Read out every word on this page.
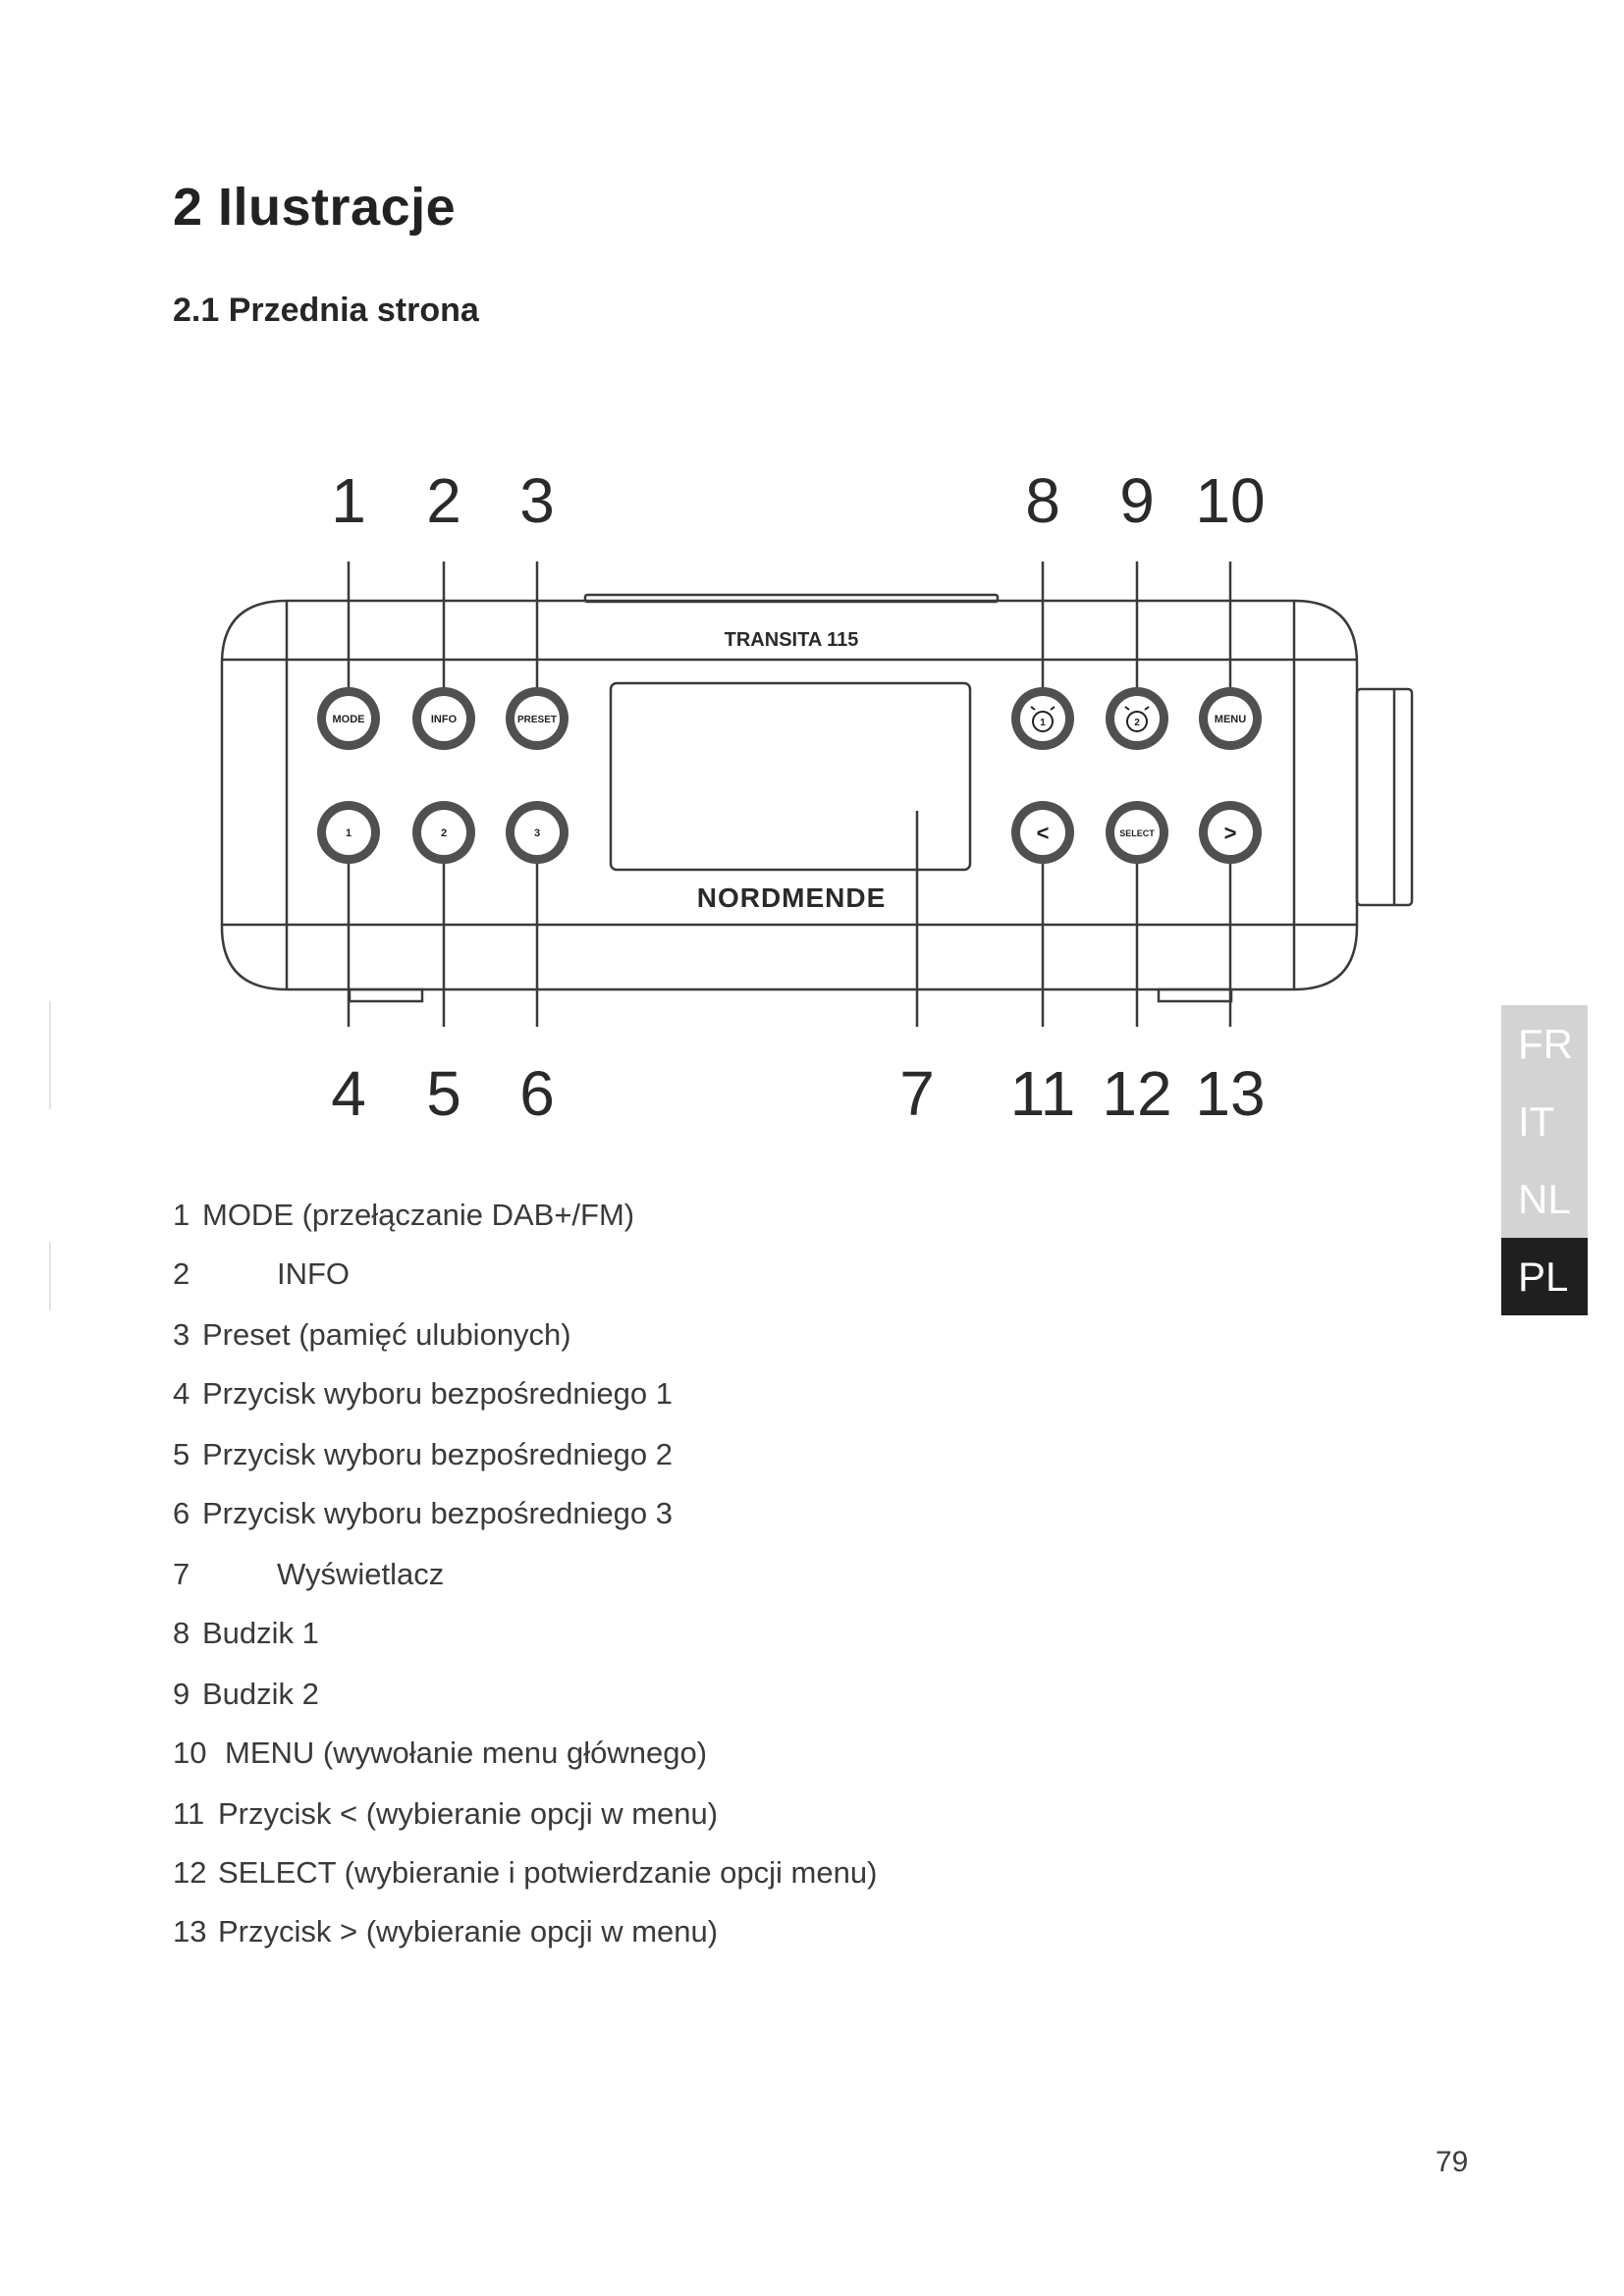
2 Ilustracje
2.1 Przednia strona
TRANSITA 115
NORDMENDE
MODE	INFO	PRESET	1	2	MENU
1	2	3	<	SELECT	>
1 2 3	8 9 10
4 5 6	7 11 12 13
1 MODE (przełączanie DAB+/FM)
2	INFO
3 Preset (pamięć ulubionych)
4 Przycisk wyboru bezpośredniego 1
5 Przycisk wyboru bezpośredniego 2
6 Przycisk wyboru bezpośredniego 3
7	Wyświetlacz
8 Budzik 1
9 Budzik 2
10 MENU (wywołanie menu głównego)
11 Przycisk < (wybieranie opcji w menu)
12 SELECT (wybieranie i potwierdzanie opcji menu)
13 Przycisk > (wybieranie opcji w menu)
FR
IT
NL
PL
79
